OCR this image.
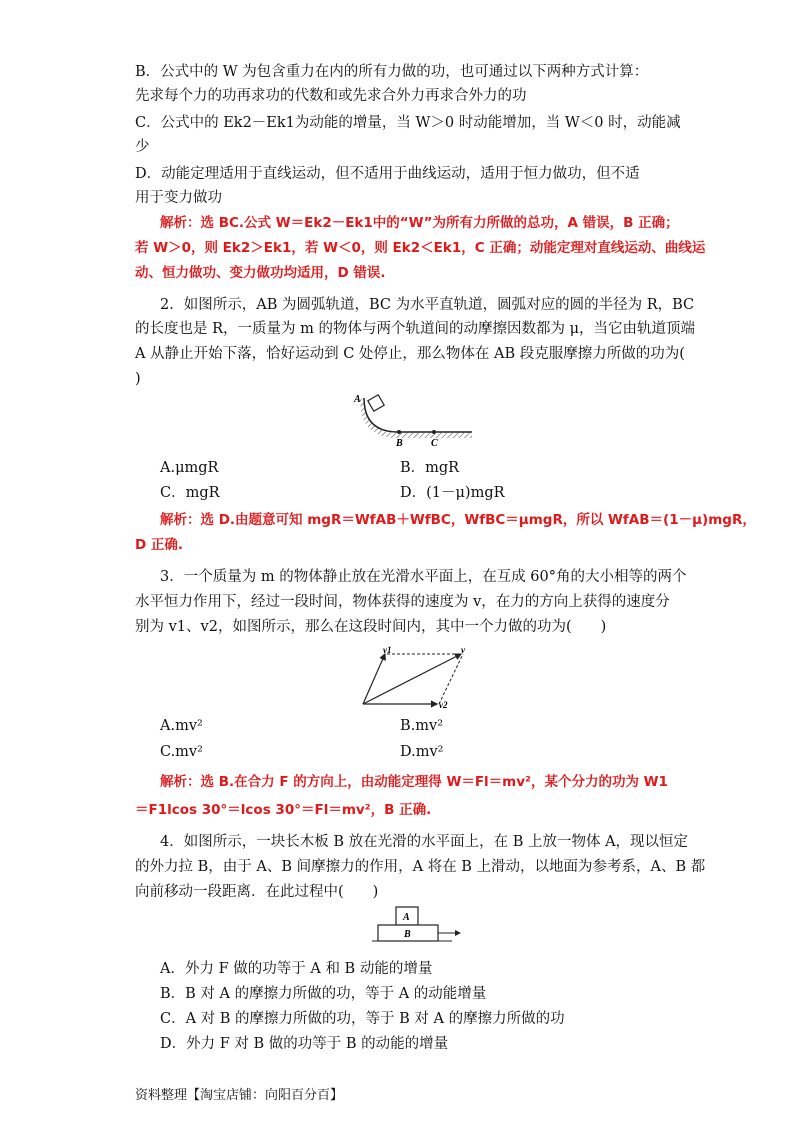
B．公式中的 W 为包含重力在内的所有力做的功，也可通过以下两种方式计算：
先求每个力的功再求功的代数和或先求合外力再求合外力的功
C．公式中的 Ek2－Ek1为动能的增量，当 W＞0 时动能增加，当 W＜0 时，动能减
少
D．动能定理适用于直线运动，但不适用于曲线运动，适用于恒力做功，但不适
用于变力做功
解析：选 BC.公式 W＝Ek2－Ek1中的“W”为所有力所做的总功，A 错误，B 正确；
若 W＞0，则 Ek2＞Ek1，若 W＜0，则 Ek2＜Ek1，C 正确；动能定理对直线运动、曲线运
动、恒力做功、变力做功均适用，D 错误.
2．如图所示，AB 为圆弧轨道，BC 为水平直轨道，圆弧对应的圆的半径为 R，BC
的长度也是 R，一质量为 m 的物体与两个轨道间的动摩擦因数都为 μ，当它由轨道顶端
A 从静止开始下落，恰好运动到 C 处停止，那么物体在 AB 段克服摩擦力所做的功为(
)
A
B	C
A.μmgR	B．mgR
C．mgR	D．(1－μ)mgR
解析：选 D.由题意可知 mgR＝WfAB＋WfBC，WfBC＝μmgR，所以 WfAB＝(1－μ)mgR，
D 正确.
3．一个质量为 m 的物体静止放在光滑水平面上，在互成 60°角的大小相等的两个
水平恒力作用下，经过一段时间，物体获得的速度为 v，在力的方向上获得的速度分
别为 v1、v2，如图所示，那么在这段时间内，其中一个力做的功为(　　)
v1	v
v2
A.mv²	B.mv²
C.mv²	D.mv²
解析：选 B.在合力 F 的方向上，由动能定理得 W＝Fl＝mv²，某个分力的功为 W1
＝F1lcos 30°＝lcos 30°＝Fl＝mv²，B 正确.
4．如图所示，一块长木板 B 放在光滑的水平面上，在 B 上放一物体 A，现以恒定
的外力拉 B，由于 A、B 间摩擦力的作用，A 将在 B 上滑动，以地面为参考系，A、B 都
向前移动一段距离．在此过程中(　　)
A
B
A．外力 F 做的功等于 A 和 B 动能的增量
B．B 对 A 的摩擦力所做的功，等于 A 的动能增量
C．A 对 B 的摩擦力所做的功，等于 B 对 A 的摩擦力所做的功
D．外力 F 对 B 做的功等于 B 的动能的增量
资料整理【淘宝店铺：向阳百分百】
